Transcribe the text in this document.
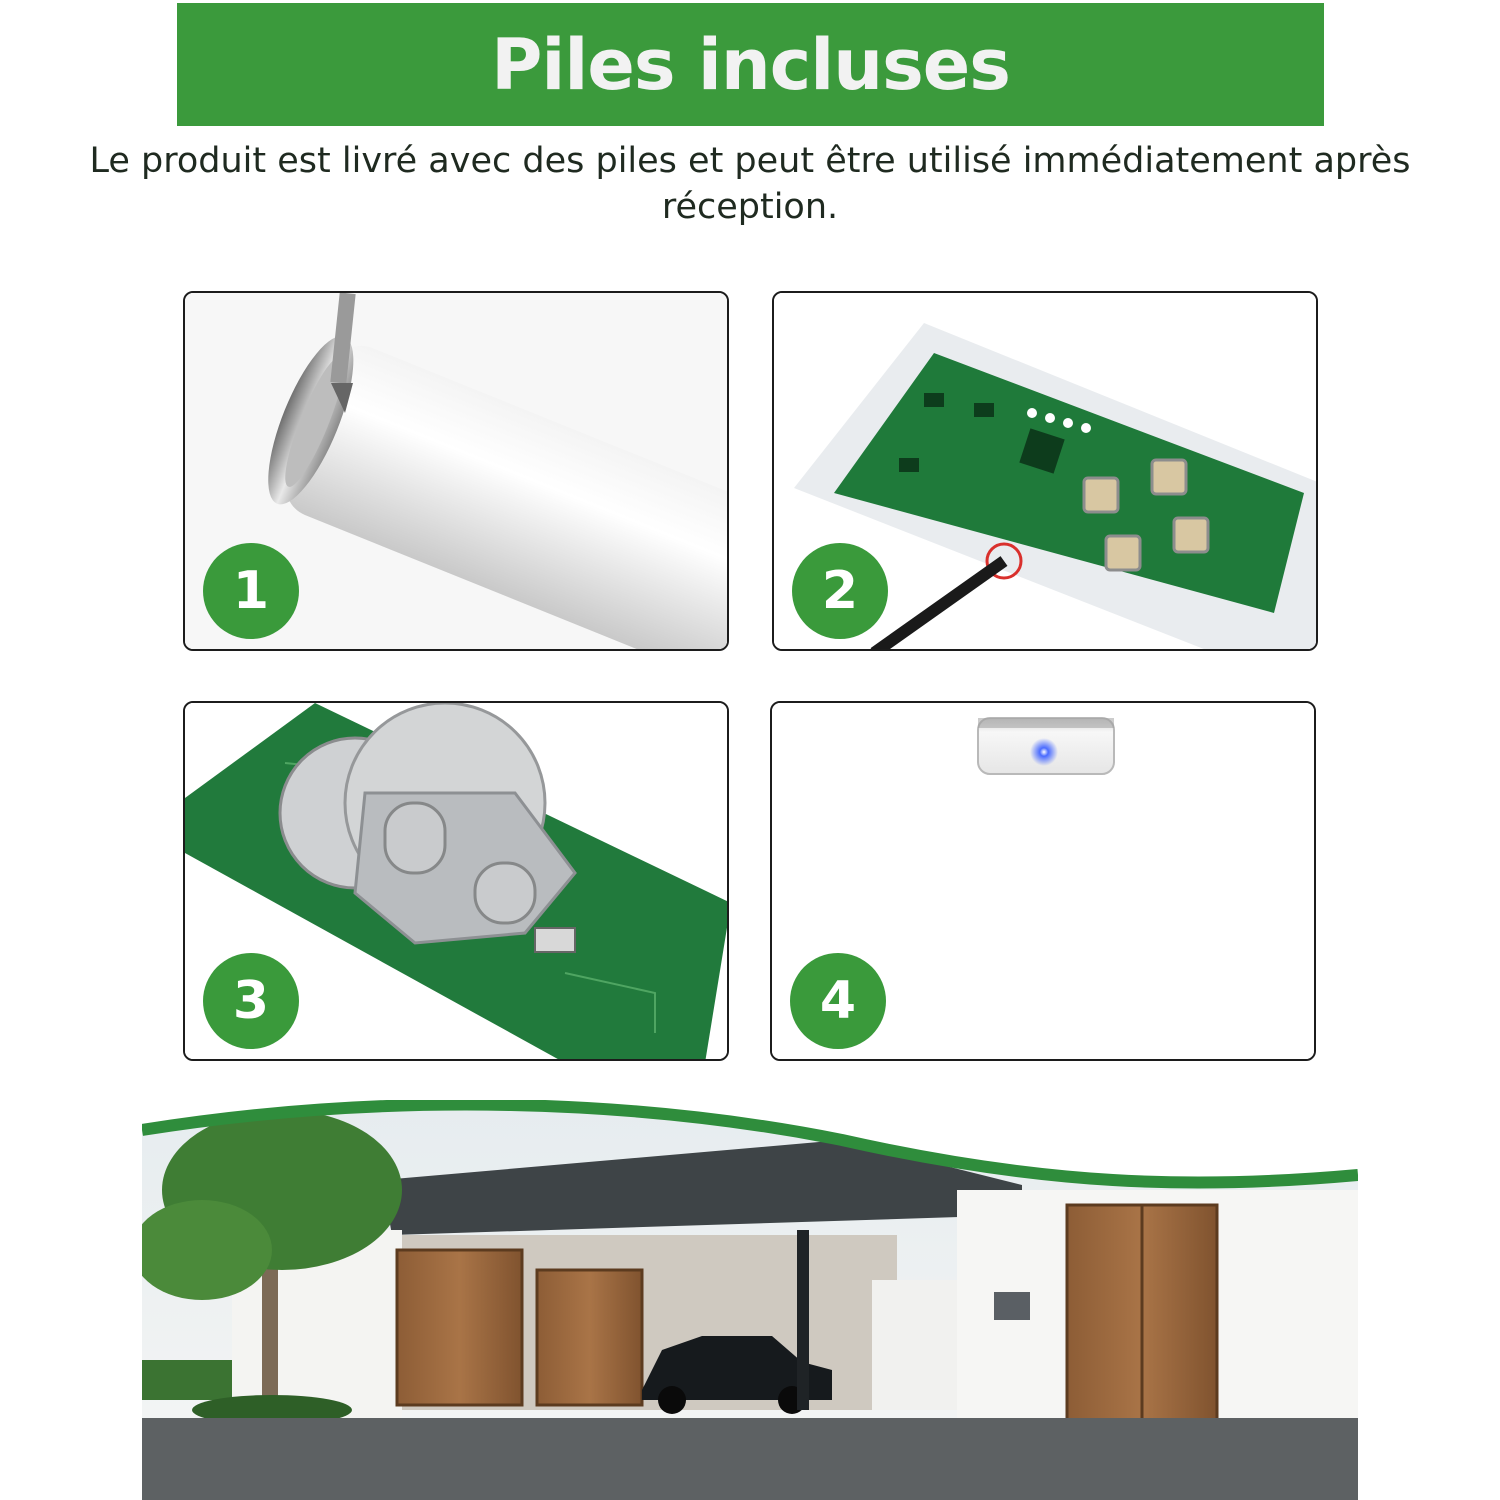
Piles incluses
Le produit est livré avec des piles et peut être utilisé immédiatement après réception.
1	2
3	4
